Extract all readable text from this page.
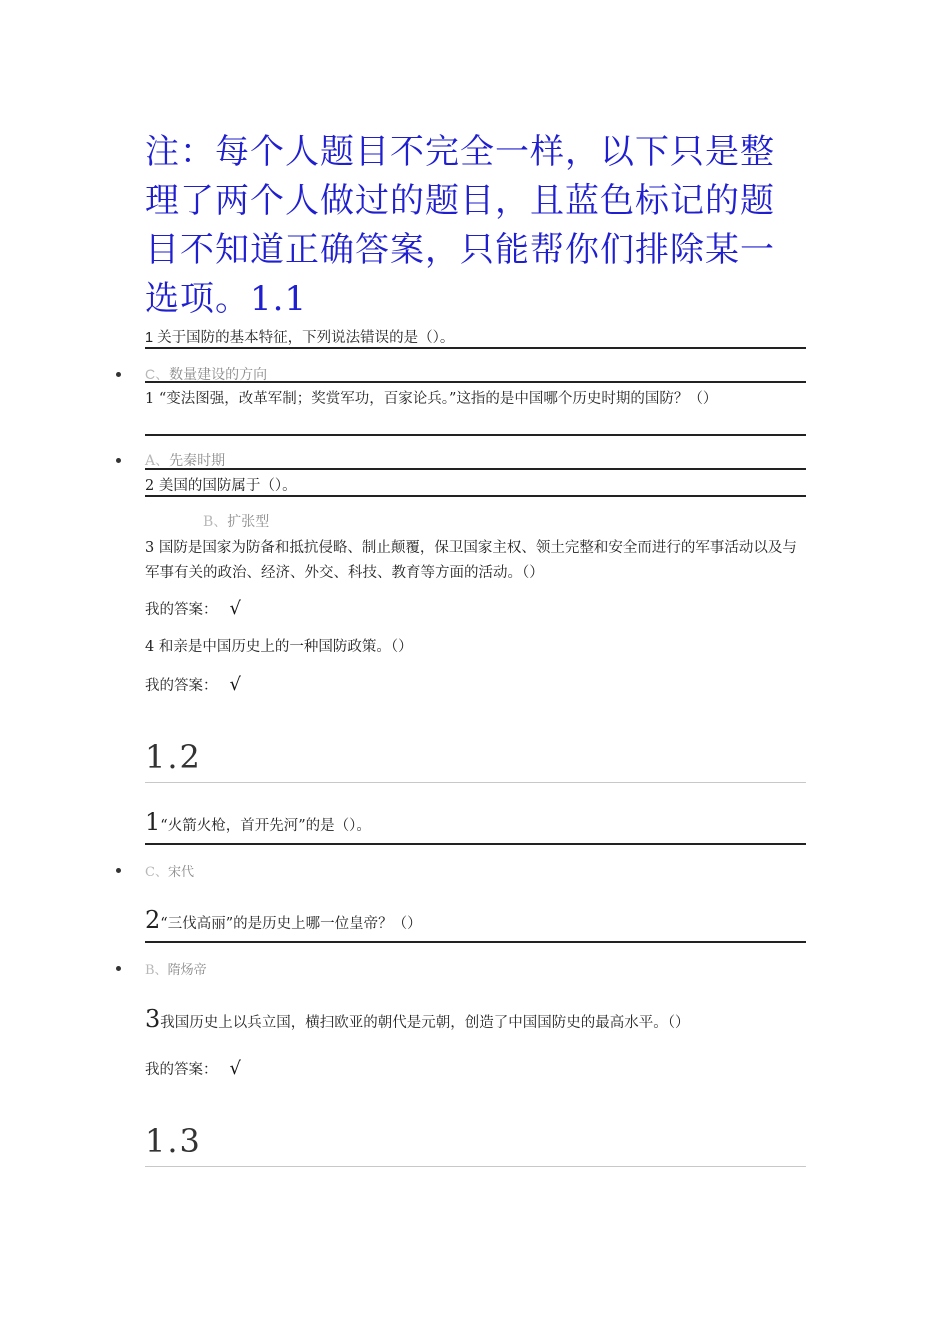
注：每个人题目不完全一样，以下只是整理了两个人做过的题目，且蓝色标记的题目不知道正确答案，只能帮你们排除某一选项。1.1
1 关于国防的基本特征，下列说法错误的是（）。
C、数量建设的方向
1 “变法图强，改革军制；奖赏军功，百家论兵。”这指的是中国哪个历史时期的国防？（）
A、先秦时期
2 美国的国防属于（）。
B、扩张型
3 国防是国家为防备和抵抗侵略、制止颠覆，保卫国家主权、领土完整和安全而进行的军事活动以及与军事有关的政治、经济、外交、科技、教育等方面的活动。（）
我的答案： √
4 和亲是中国历史上的一种国防政策。（）
我的答案： √
1.2
1“火箭火枪，首开先河”的是（）。
C、宋代
2“三伐高丽”的是历史上哪一位皇帝？（）
B、隋炀帝
3我国历史上以兵立国，横扫欧亚的朝代是元朝，创造了中国国防史的最高水平。（）
我的答案： √
1.3
